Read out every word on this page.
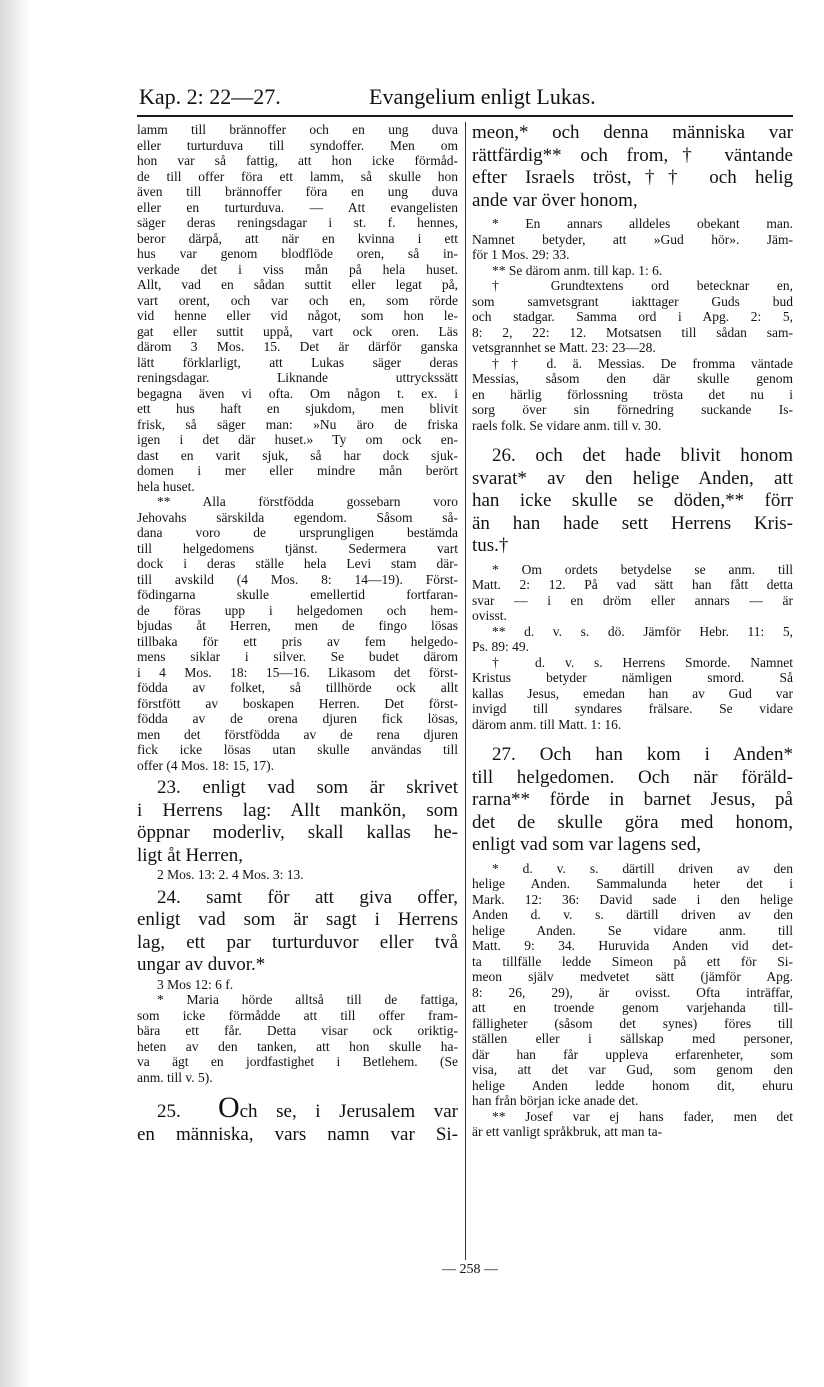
Kap. 2: 22—27.	Evangelium enligt Lukas.
lamm till brännoffer och en ung duva
eller turturduva till syndoffer. Men om
hon var så fattig, att hon icke förmåd-
de till offer föra ett lamm, så skulle hon
även till brännoffer föra en ung duva
eller en turturduva. — Att evangelisten
säger deras reningsdagar i st. f. hennes,
beror därpå, att när en kvinna i ett
hus var genom blodflöde oren, så in-
verkade det i viss mån på hela huset.
Allt, vad en sådan suttit eller legat på,
vart orent, och var och en, som rörde
vid henne eller vid något, som hon le-
gat eller suttit uppå, vart ock oren. Läs
därom 3 Mos. 15. Det är därför ganska
lätt förklarligt, att Lukas säger deras
reningsdagar. Liknande uttryckssätt
begagna även vi ofta. Om någon t. ex. i
ett hus haft en sjukdom, men blivit
frisk, så säger man: »Nu äro de friska
igen i det där huset.» Ty om ock en-
dast en varit sjuk, så har dock sjuk-
domen i mer eller mindre mån berört
hela huset.
** Alla förstfödda gossebarn voro
Jehovahs särskilda egendom. Såsom så-
dana voro de ursprungligen bestämda
till helgedomens tjänst. Sedermera vart
dock i deras ställe hela Levi stam där-
till avskild (4 Mos. 8: 14—19). Först-
födingarna skulle emellertid fortfaran-
de föras upp i helgedomen och hem-
bjudas åt Herren, men de fingo lösas
tillbaka för ett pris av fem helgedo-
mens siklar i silver. Se budet därom
i 4 Mos. 18: 15—16. Likasom det först-
födda av folket, så tillhörde ock allt
förstfött av boskapen Herren. Det först-
födda av de orena djuren fick lösas,
men det förstfödda av de rena djuren
fick icke lösas utan skulle användas till
offer (4 Mos. 18: 15, 17).
23. enligt vad som är skrivet
i Herrens lag: Allt mankön, som
öppnar moderliv, skall kallas he-
ligt åt Herren,
2 Mos. 13: 2. 4 Mos. 3: 13.
24. samt för att giva offer,
enligt vad som är sagt i Herrens
lag, ett par turturduvor eller två
ungar av duvor.*
3 Mos 12: 6 f.
* Maria hörde alltså till de fattiga,
som icke förmådde att till offer fram-
bära ett får. Detta visar ock oriktig-
heten av den tanken, att hon skulle ha-
va ägt en jordfastighet i Betlehem. (Se
anm. till v. 5).
25. Och se, i Jerusalem var
en människa, vars namn var Si-
meon,* och denna människa var
rättfärdig** och from,† väntande
efter Israels tröst,†† och helig
ande var över honom,
* En annars alldeles obekant man.
Namnet betyder, att »Gud hör». Jäm-
för 1 Mos. 29: 33.
** Se därom anm. till kap. 1: 6.
† Grundtextens ord betecknar en,
som samvetsgrant iakttager Guds bud
och stadgar. Samma ord i Apg. 2: 5,
8: 2, 22: 12. Motsatsen till sådan sam-
vetsgrannhet se Matt. 23: 23—28.
†† d. ä. Messias. De fromma väntade
Messias, såsom den där skulle genom
en härlig förlossning trösta det nu i
sorg över sin förnedring suckande Is-
raels folk. Se vidare anm. till v. 30.
26. och det hade blivit honom
svarat* av den helige Anden, att
han icke skulle se döden,** förr
än han hade sett Herrens Kris-
tus.†
* Om ordets betydelse se anm. till
Matt. 2: 12. På vad sätt han fått detta
svar — i en dröm eller annars — är
ovisst.
** d. v. s. dö. Jämför Hebr. 11: 5,
Ps. 89: 49.
† d. v. s. Herrens Smorde. Namnet
Kristus betyder nämligen smord. Så
kallas Jesus, emedan han av Gud var
invigd till syndares frälsare. Se vidare
därom anm. till Matt. 1: 16.
27. Och han kom i Anden*
till helgedomen. Och när föräld-
rarna** förde in barnet Jesus, på
det de skulle göra med honom,
enligt vad som var lagens sed,
* d. v. s. därtill driven av den
helige Anden. Sammalunda heter det i
Mark. 12: 36: David sade i den helige
Anden d. v. s. därtill driven av den
helige Anden. Se vidare anm. till
Matt. 9: 34. Huruvida Anden vid det-
ta tillfälle ledde Simeon på ett för Si-
meon själv medvetet sätt (jämför Apg.
8: 26, 29), är ovisst. Ofta inträffar,
att en troende genom varjehanda till-
fälligheter (såsom det synes) föres till
ställen eller i sällskap med personer,
där han får uppleva erfarenheter, som
visa, att det var Gud, som genom den
helige Anden ledde honom dit, ehuru
han från början icke anade det.
** Josef var ej hans fader, men det
är ett vanligt språkbruk, att man ta-
— 258 —
